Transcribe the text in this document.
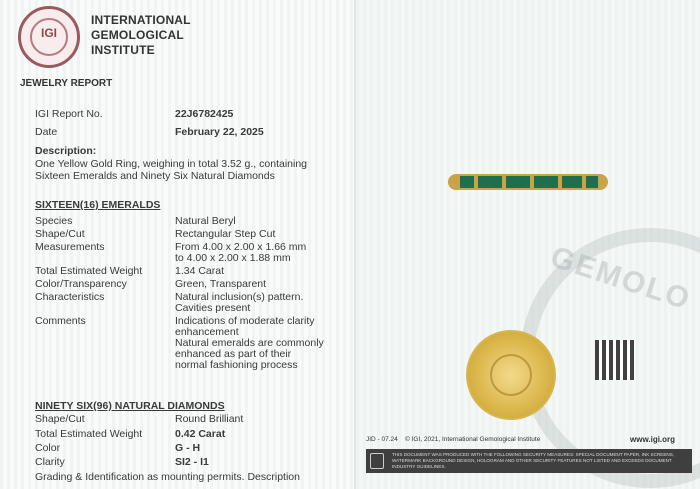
IGI
INTERNATIONAL
GEMOLOGICAL
INSTITUTE
JEWELRY REPORT
IGI Report No.	22J6782425
Date	February 22, 2025
Description:
One Yellow Gold Ring, weighing in total 3.52 g., containing
Sixteen Emeralds and Ninety Six Natural Diamonds
SIXTEEN(16) EMERALDS
Species	Natural Beryl
Shape/Cut	Rectangular Step Cut
Measurements	From 4.00 x 2.00 x 1.66 mm
to 4.00 x 2.00 x 1.88 mm
Total Estimated Weight	1.34 Carat
Color/Transparency	Green, Transparent
Characteristics	Natural inclusion(s) pattern.
Cavities present
Comments	Indications of moderate clarity
enhancement
Natural emeralds are commonly
enhanced as part of their
normal fashioning process
NINETY SIX(96) NATURAL DIAMONDS
Shape/Cut	Round Brilliant
Total Estimated Weight	0.42 Carat
Color	G - H
Clarity	SI2 - I1
Grading & Identification as mounting permits. Description
GEMOLO
JID - 07.24 © IGI, 2021, International Gemological Institute	www.igi.org
THIS DOCUMENT WAS PRODUCED WITH THE FOLLOWING SECURITY MEASURES: SPECIAL DOCUMENT PAPER, INK SCREENS, WATERMARK BACKGROUND DESIGN, HOLOGRAM AND OTHER SECURITY FEATURES NOT LISTED AND EXCEEDS DOCUMENT INDUSTRY GUIDELINES.
